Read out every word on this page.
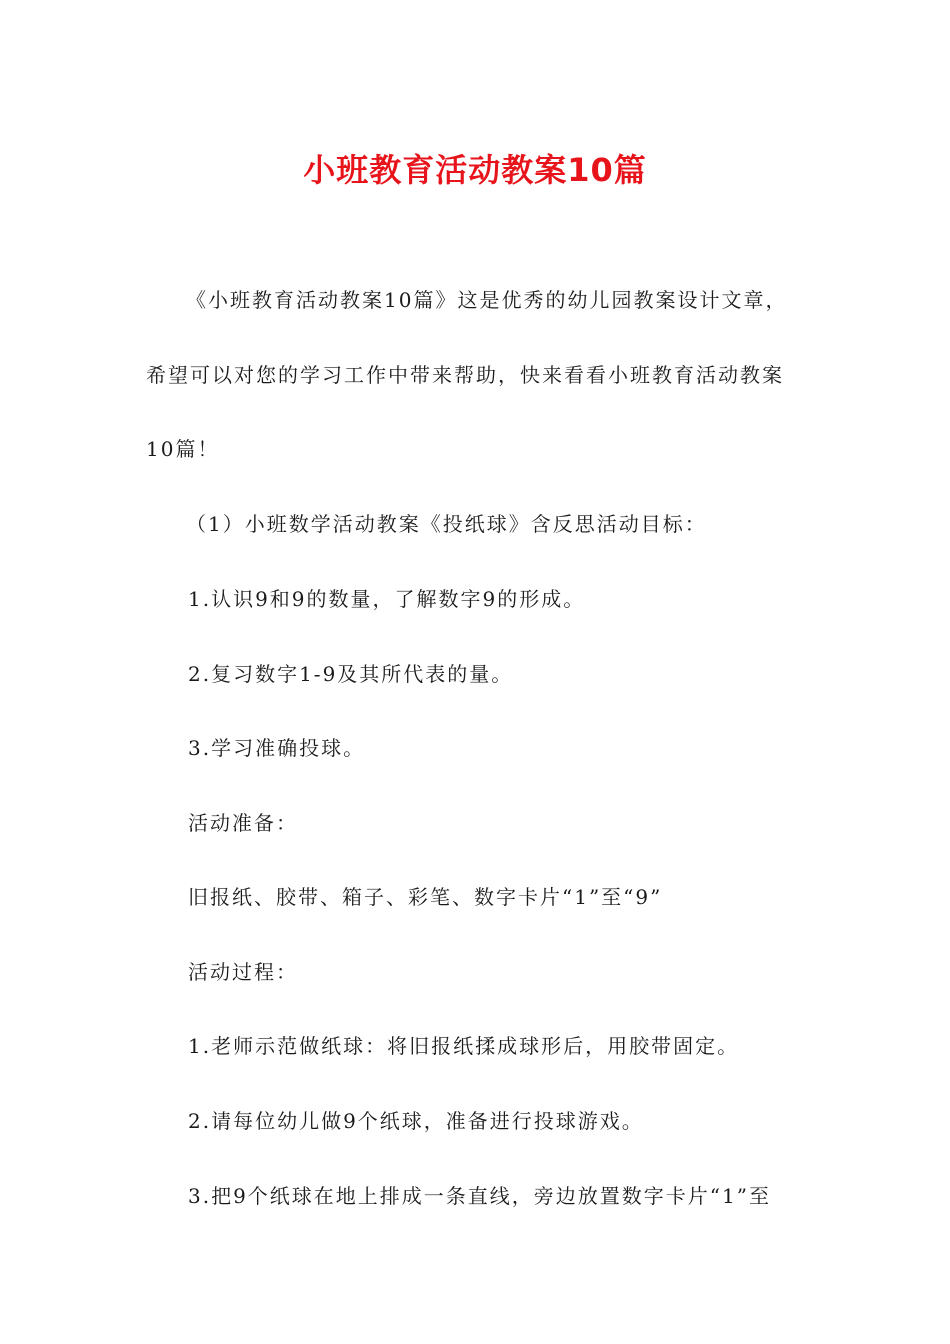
小班教育活动教案10篇
《小班教育活动教案10篇》这是优秀的幼儿园教案设计文章，
希望可以对您的学习工作中带来帮助，快来看看小班教育活动教案
10篇！
（1）小班数学活动教案《投纸球》含反思活动目标：
1.认识9和9的数量，了解数字9的形成。
2.复习数字1-9及其所代表的量。
3.学习准确投球。
活动准备：
旧报纸、胶带、箱子、彩笔、数字卡片“1”至“9”
活动过程：
1.老师示范做纸球：将旧报纸揉成球形后，用胶带固定。
2.请每位幼儿做9个纸球，准备进行投球游戏。
3.把9个纸球在地上排成一条直线，旁边放置数字卡片“1”至
